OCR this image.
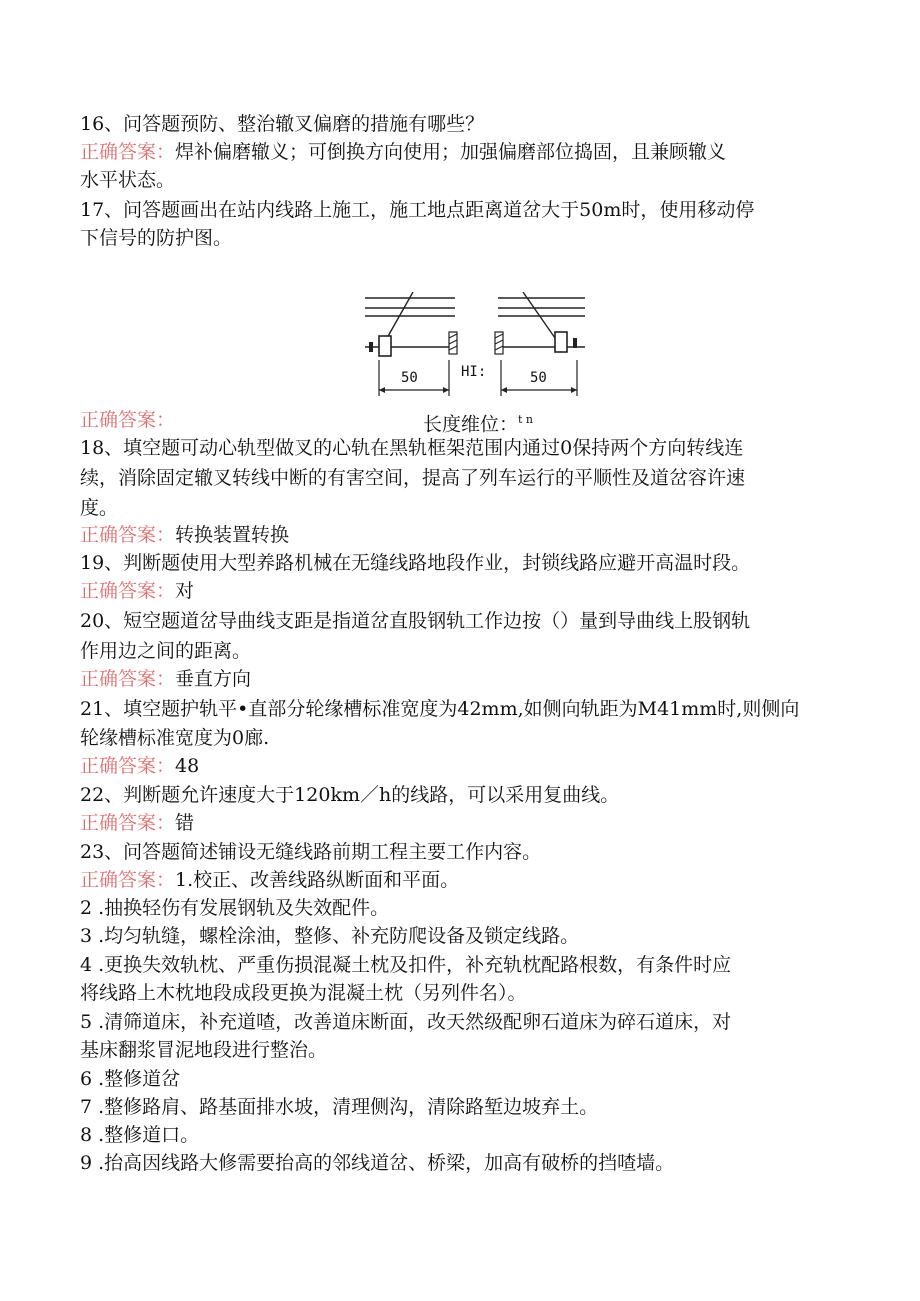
16、问答题预防、整治辙叉偏磨的措施有哪些？
正确答案：焊补偏磨辙义；可倒换方向使用；加强偏磨部位捣固，且兼顾辙义
水平状态。
17、问答题画出在站内线路上施工，施工地点距离道岔大于50m时，使用移动停
下信号的防护图。
50	50
HI:
正确答案：	长度维位：$^{t n}$
18、填空题可动心轨型做叉的心轨在黑轨框架范围内通过0保持两个方向转线连
续，消除固定辙叉转线中断的有害空间，提高了列车运行的平顺性及道岔容许速
度。
正确答案：转换装置转换
19、判断题使用大型养路机械在无缝线路地段作业，封锁线路应避开高温时段。
正确答案：对
20、短空题道岔导曲线支距是指道岔直股钢轨工作边按（）量到导曲线上股钢轨
作用边之间的距离。
正确答案：垂直方向
21、填空题护轨平•直部分轮缘槽标准宽度为42mm,如侧向轨距为M41mm时,则侧向
轮缘槽标准宽度为0廊.
正确答案：48
22、判断题允许速度大于120km／h的线路，可以采用复曲线。
正确答案：错
23、问答题简述铺设无缝线路前期工程主要工作内容。
正确答案：1.校正、改善线路纵断面和平面。
2 .抽换轻伤有发展钢轨及失效配件。
3 .均匀轨缝，螺栓涂油，整修、补充防爬设备及锁定线路。
4 .更换失效轨枕、严重伤损混凝土枕及扣件，补充轨枕配路根数，有条件时应
将线路上木枕地段成段更换为混凝土枕（另列件名）。
5 .清筛道床，补充道喳，改善道床断面，改天然级配卵石道床为碎石道床，对
基床翻浆冒泥地段进行整治。
6 .整修道岔
7 .整修路肩、路基面排水坡，清理侧沟，清除路堑边坡弃土。
8 .整修道口。
9 .抬高因线路大修需要抬高的邻线道岔、桥梁，加高有破桥的挡喳墙。
